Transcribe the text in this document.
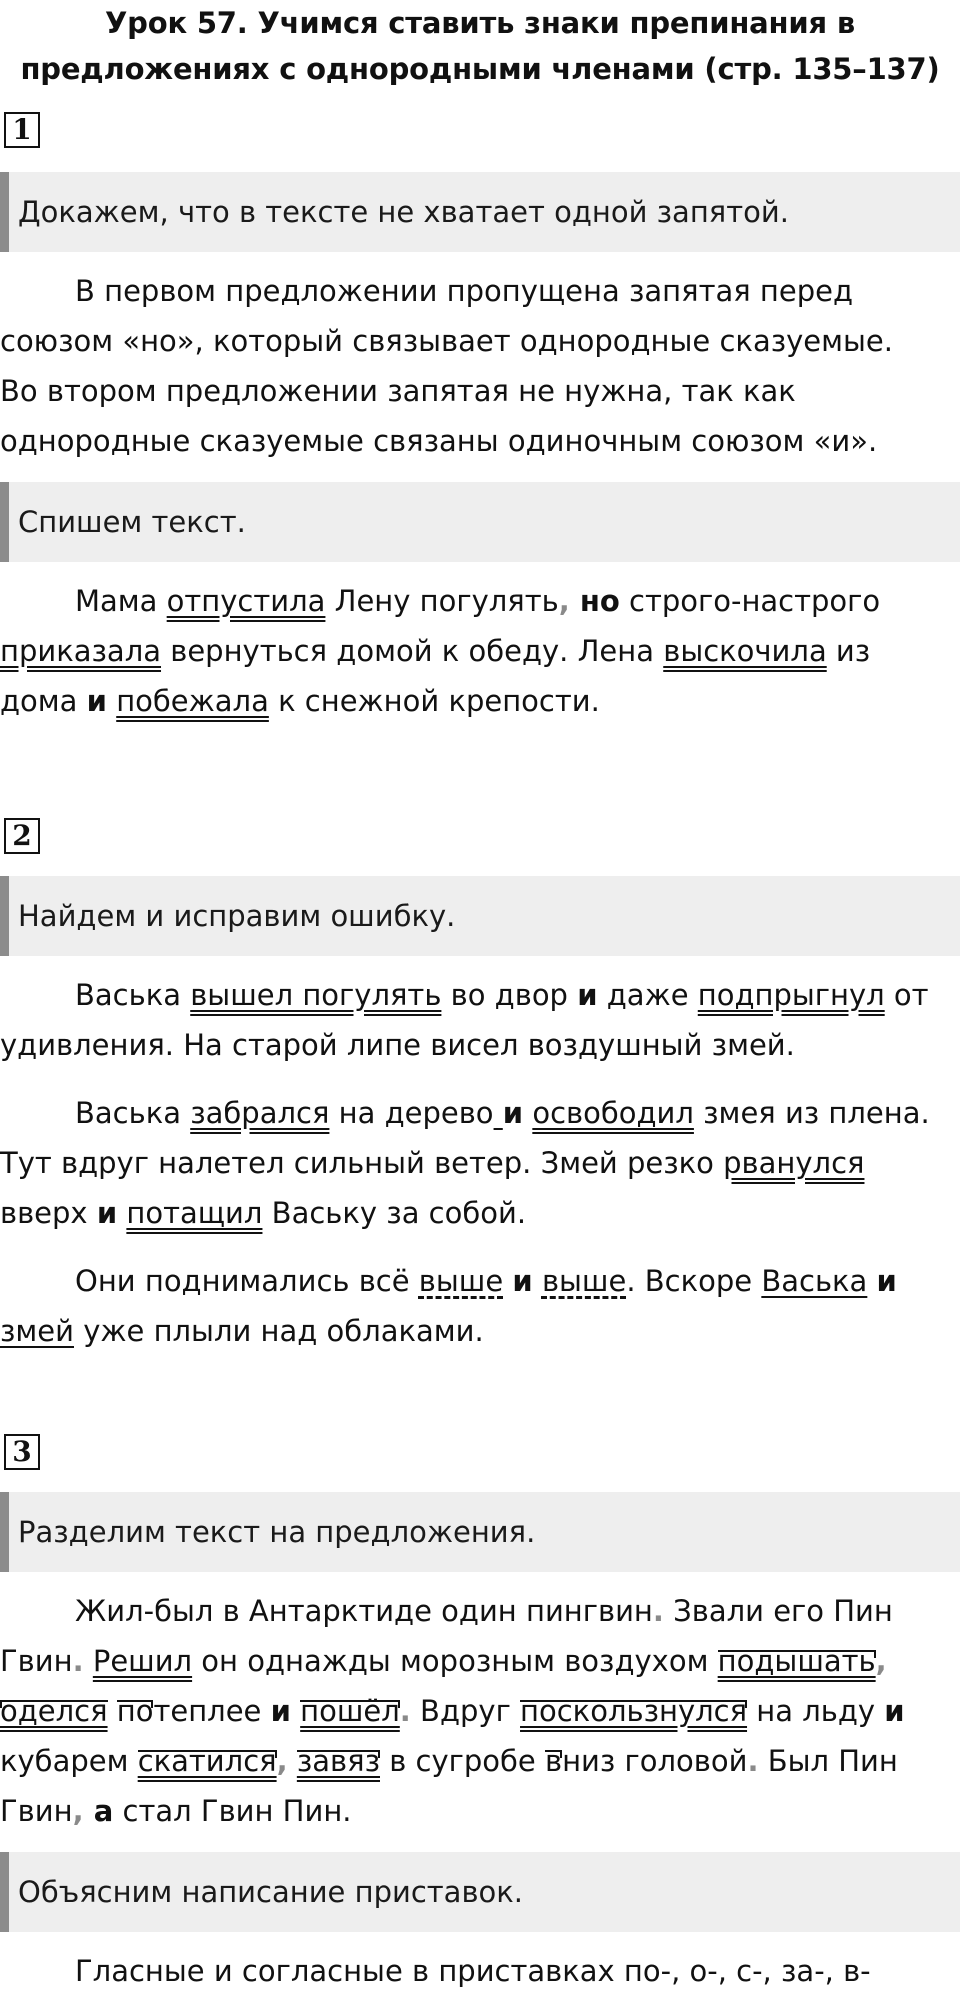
Урок 57. Учимся ставить знаки препинания в
предложениях с однородными членами (стр. 135–137)
1
Докажем, что в тексте не хватает одной запятой.

В первом предложении пропущена запятая перед
союзом «но», который связывает однородные сказуемые.
Во втором предложении запятая не нужна, так как
однородные сказуемые связаны одиночным союзом «и».

Спишем текст.

Мама отпустила Лену погулять, но строго-настрого
приказала вернуться домой к обеду. Лена выскочила из
дома и побежала к снежной крепости.

2
Найдем и исправим ошибку.

Васька вышел погулять во двор и даже подпрыгнул от
удивления. На старой липе висел воздушный змей.

Васька забрался на дерево и освободил змея из плена.
Тут вдруг налетел сильный ветер. Змей резко рванулся
вверх и потащил Ваську за собой.

Они поднимались всё выше и выше. Вскоре Васька и
змей уже плыли над облаками.

3
Разделим текст на предложения.

Жил-был в Антарктиде один пингвин. Звали его Пин
Гвин. Решил он однажды морозным воздухом подышать,
оделся потеплее и пошёл. Вдруг поскользнулся на льду и
кубарем скатился, завяз в сугробе вниз головой. Был Пин
Гвин, а стал Гвин Пин.

Объясним написание приставок.

Гласные и согласные в приставках по-, о-, с-, за-, в-
